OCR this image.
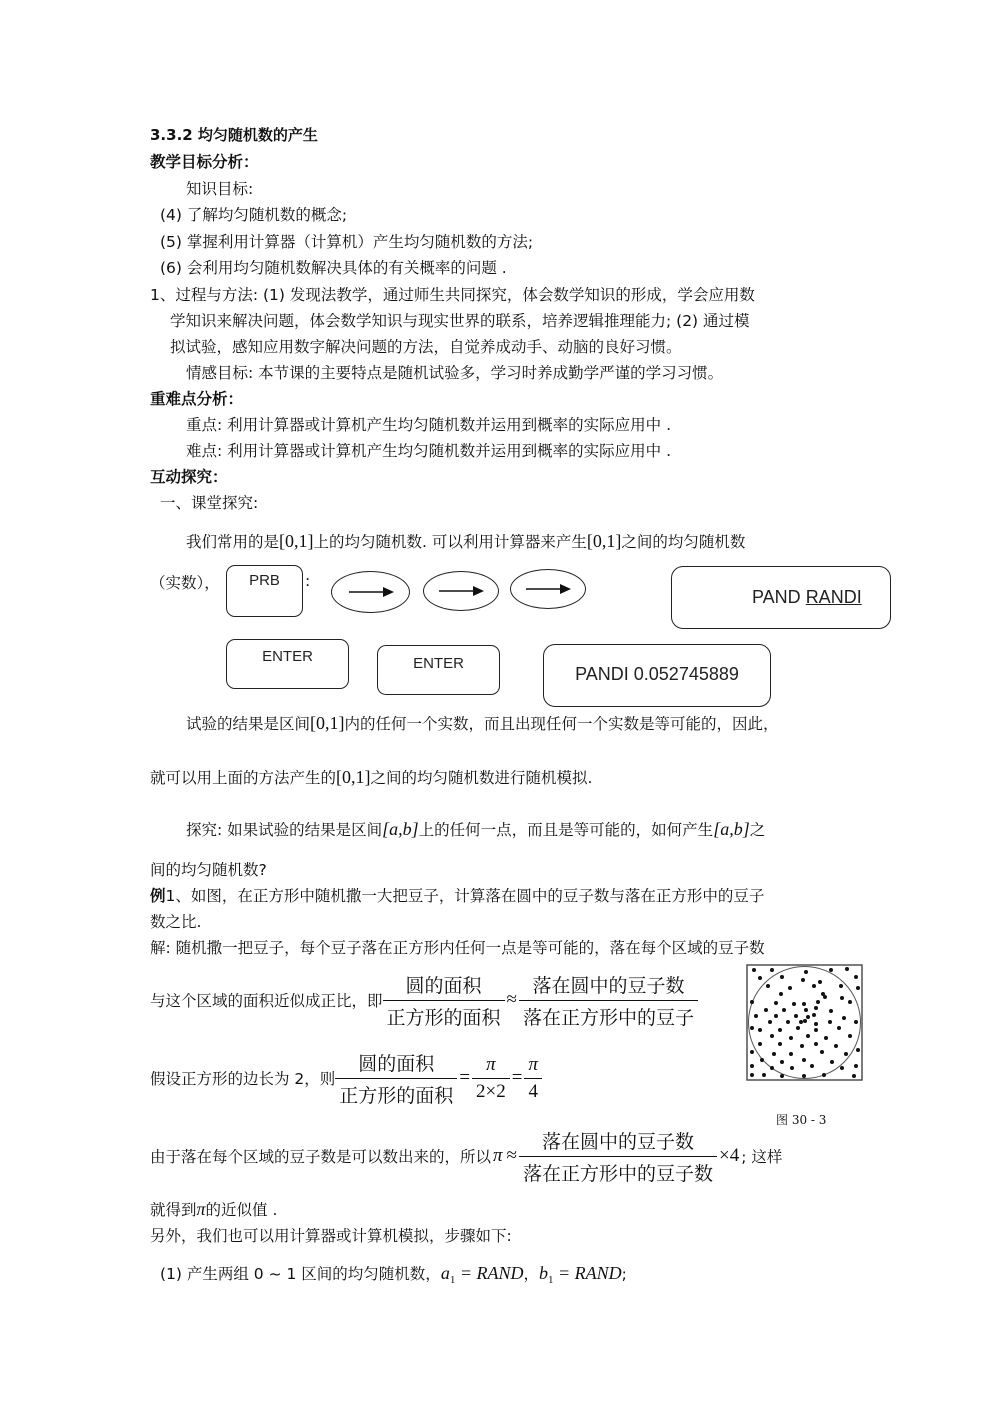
3.3.2 均匀随机数的产生
教学目标分析：
知识目标:
(4) 了解均匀随机数的概念;
(5) 掌握利用计算器（计算机）产生均匀随机数的方法;
(6) 会利用均匀随机数解决具体的有关概率的问题 .
1、过程与方法: (1) 发现法教学，通过师生共同探究，体会数学知识的形成，学会应用数
学知识来解决问题，体会数学知识与现实世界的联系，培养逻辑推理能力; (2) 通过模
拟试验，感知应用数字解决问题的方法，自觉养成动手、动脑的良好习惯。
情感目标: 本节课的主要特点是随机试验多，学习时养成勤学严谨的学习习惯。
重难点分析：
重点: 利用计算器或计算机产生均匀随机数并运用到概率的实际应用中 .
难点: 利用计算器或计算机产生均匀随机数并运用到概率的实际应用中 .
互动探究：
一、课堂探究:
我们常用的是[0,1]上的均匀随机数. 可以利用计算器来产生[0,1]之间的均匀随机数
（实数），	PRB	:
PAND RANDI
ENTER	ENTER
PANDI 0.052745889
试验的结果是区间[0,1]内的任何一个实数，而且出现任何一个实数是等可能的，因此，
就可以用上面的方法产生的[0,1]之间的均匀随机数进行随机模拟.
探究: 如果试验的结果是区间[a,b]上的任何一点，而且是等可能的，如何产生[a,b]之
间的均匀随机数?
例1、如图，在正方形中随机撒一大把豆子，计算落在圆中的豆子数与落在正方形中的豆子
数之比.
解: 随机撒一把豆子，每个豆子落在正方形内任何一点是等可能的，落在每个区域的豆子数
与这个区域的面积近似成正比，即 $\frac{\text{圆的面积}}{\text{正方形的面积}} \approx \frac{\text{落在圆中的豆子数}}{\text{落在正方形中的豆子}}$
假设正方形的边长为 2，则 $\frac{\text{圆的面积}}{\text{正方形的面积}} = \frac{\pi}{2\times 2} = \frac{\pi}{4}$
图 30 - 3
由于落在每个区域的豆子数是可以数出来的，所以 $\pi \approx \frac{\text{落在圆中的豆子数}}{\text{落在正方形中的豆子数}} \times 4$ ; 这样
就得到π的近似值 .
另外，我们也可以用计算器或计算机模拟，步骤如下:
(1) 产生两组 0 ~ 1 区间的均匀随机数，$a_1$ = RAND，$b_1$ = RAND;
